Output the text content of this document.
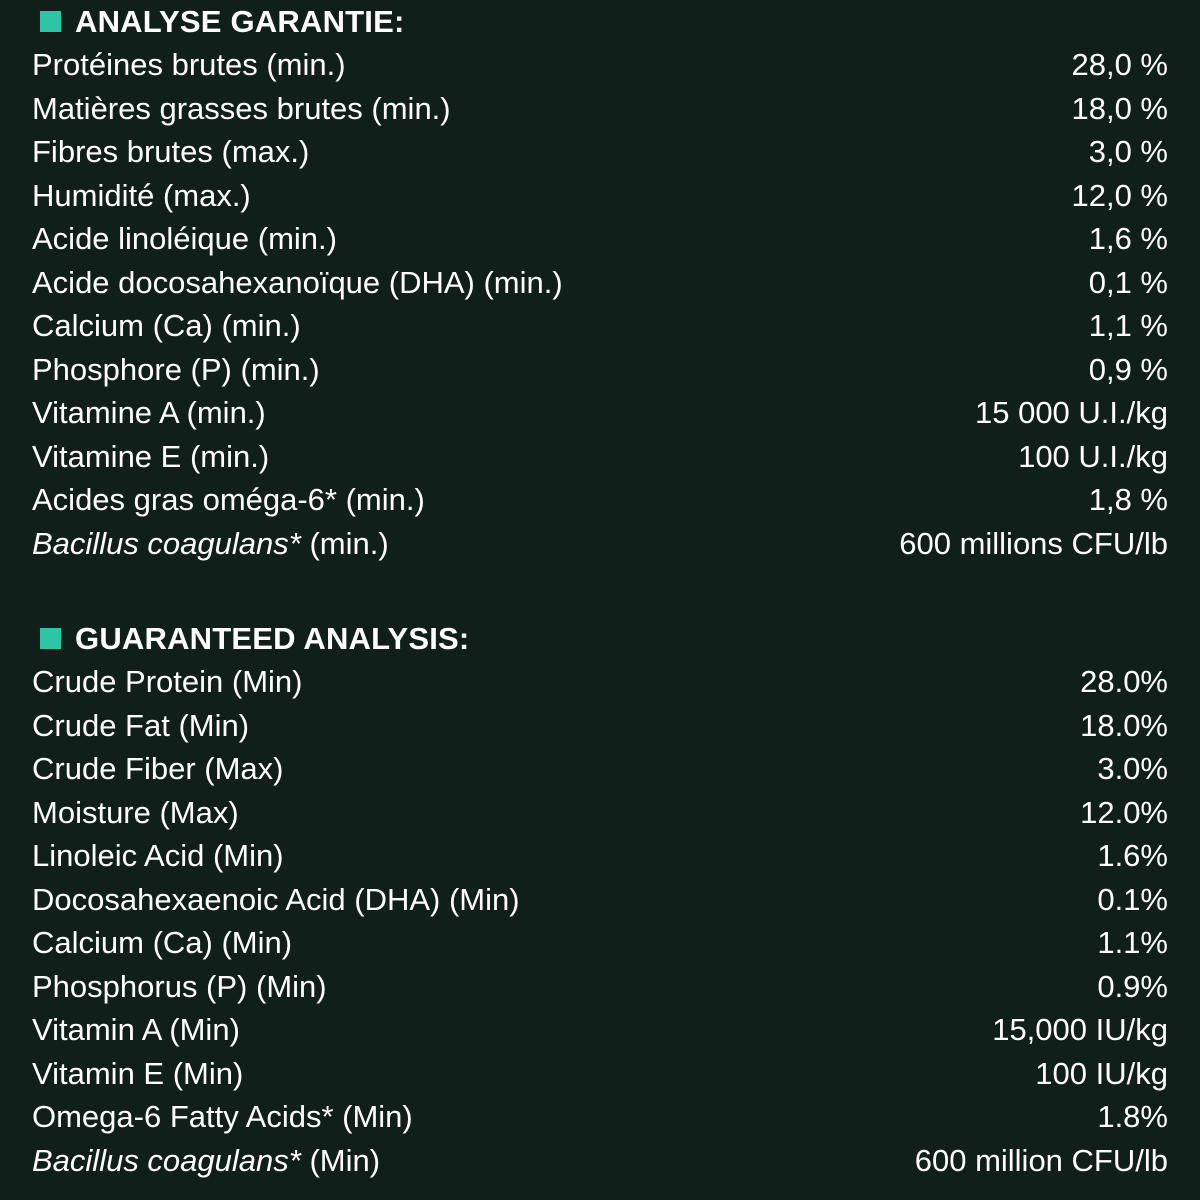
ANALYSE GARANTIE:
Protéines brutes (min.)	28,0 %
Matières grasses brutes (min.)	18,0 %
Fibres brutes (max.)	3,0 %
Humidité (max.)	12,0 %
Acide linoléique (min.)	1,6 %
Acide docosahexanoïque (DHA) (min.)	0,1 %
Calcium (Ca) (min.)	1,1 %
Phosphore (P) (min.)	0,9 %
Vitamine A (min.)	15 000 U.I./kg
Vitamine E (min.)	100 U.I./kg
Acides gras oméga-6* (min.)	1,8 %
Bacillus coagulans* (min.)	600 millions CFU/lb
GUARANTEED ANALYSIS:
Crude Protein (Min)	28.0%
Crude Fat (Min)	18.0%
Crude Fiber (Max)	3.0%
Moisture (Max)	12.0%
Linoleic Acid (Min)	1.6%
Docosahexaenoic Acid (DHA) (Min)	0.1%
Calcium (Ca) (Min)	1.1%
Phosphorus (P) (Min)	0.9%
Vitamin A (Min)	15,000 IU/kg
Vitamin E (Min)	100 IU/kg
Omega-6 Fatty Acids* (Min)	1.8%
Bacillus coagulans* (Min)	600 million CFU/lb
